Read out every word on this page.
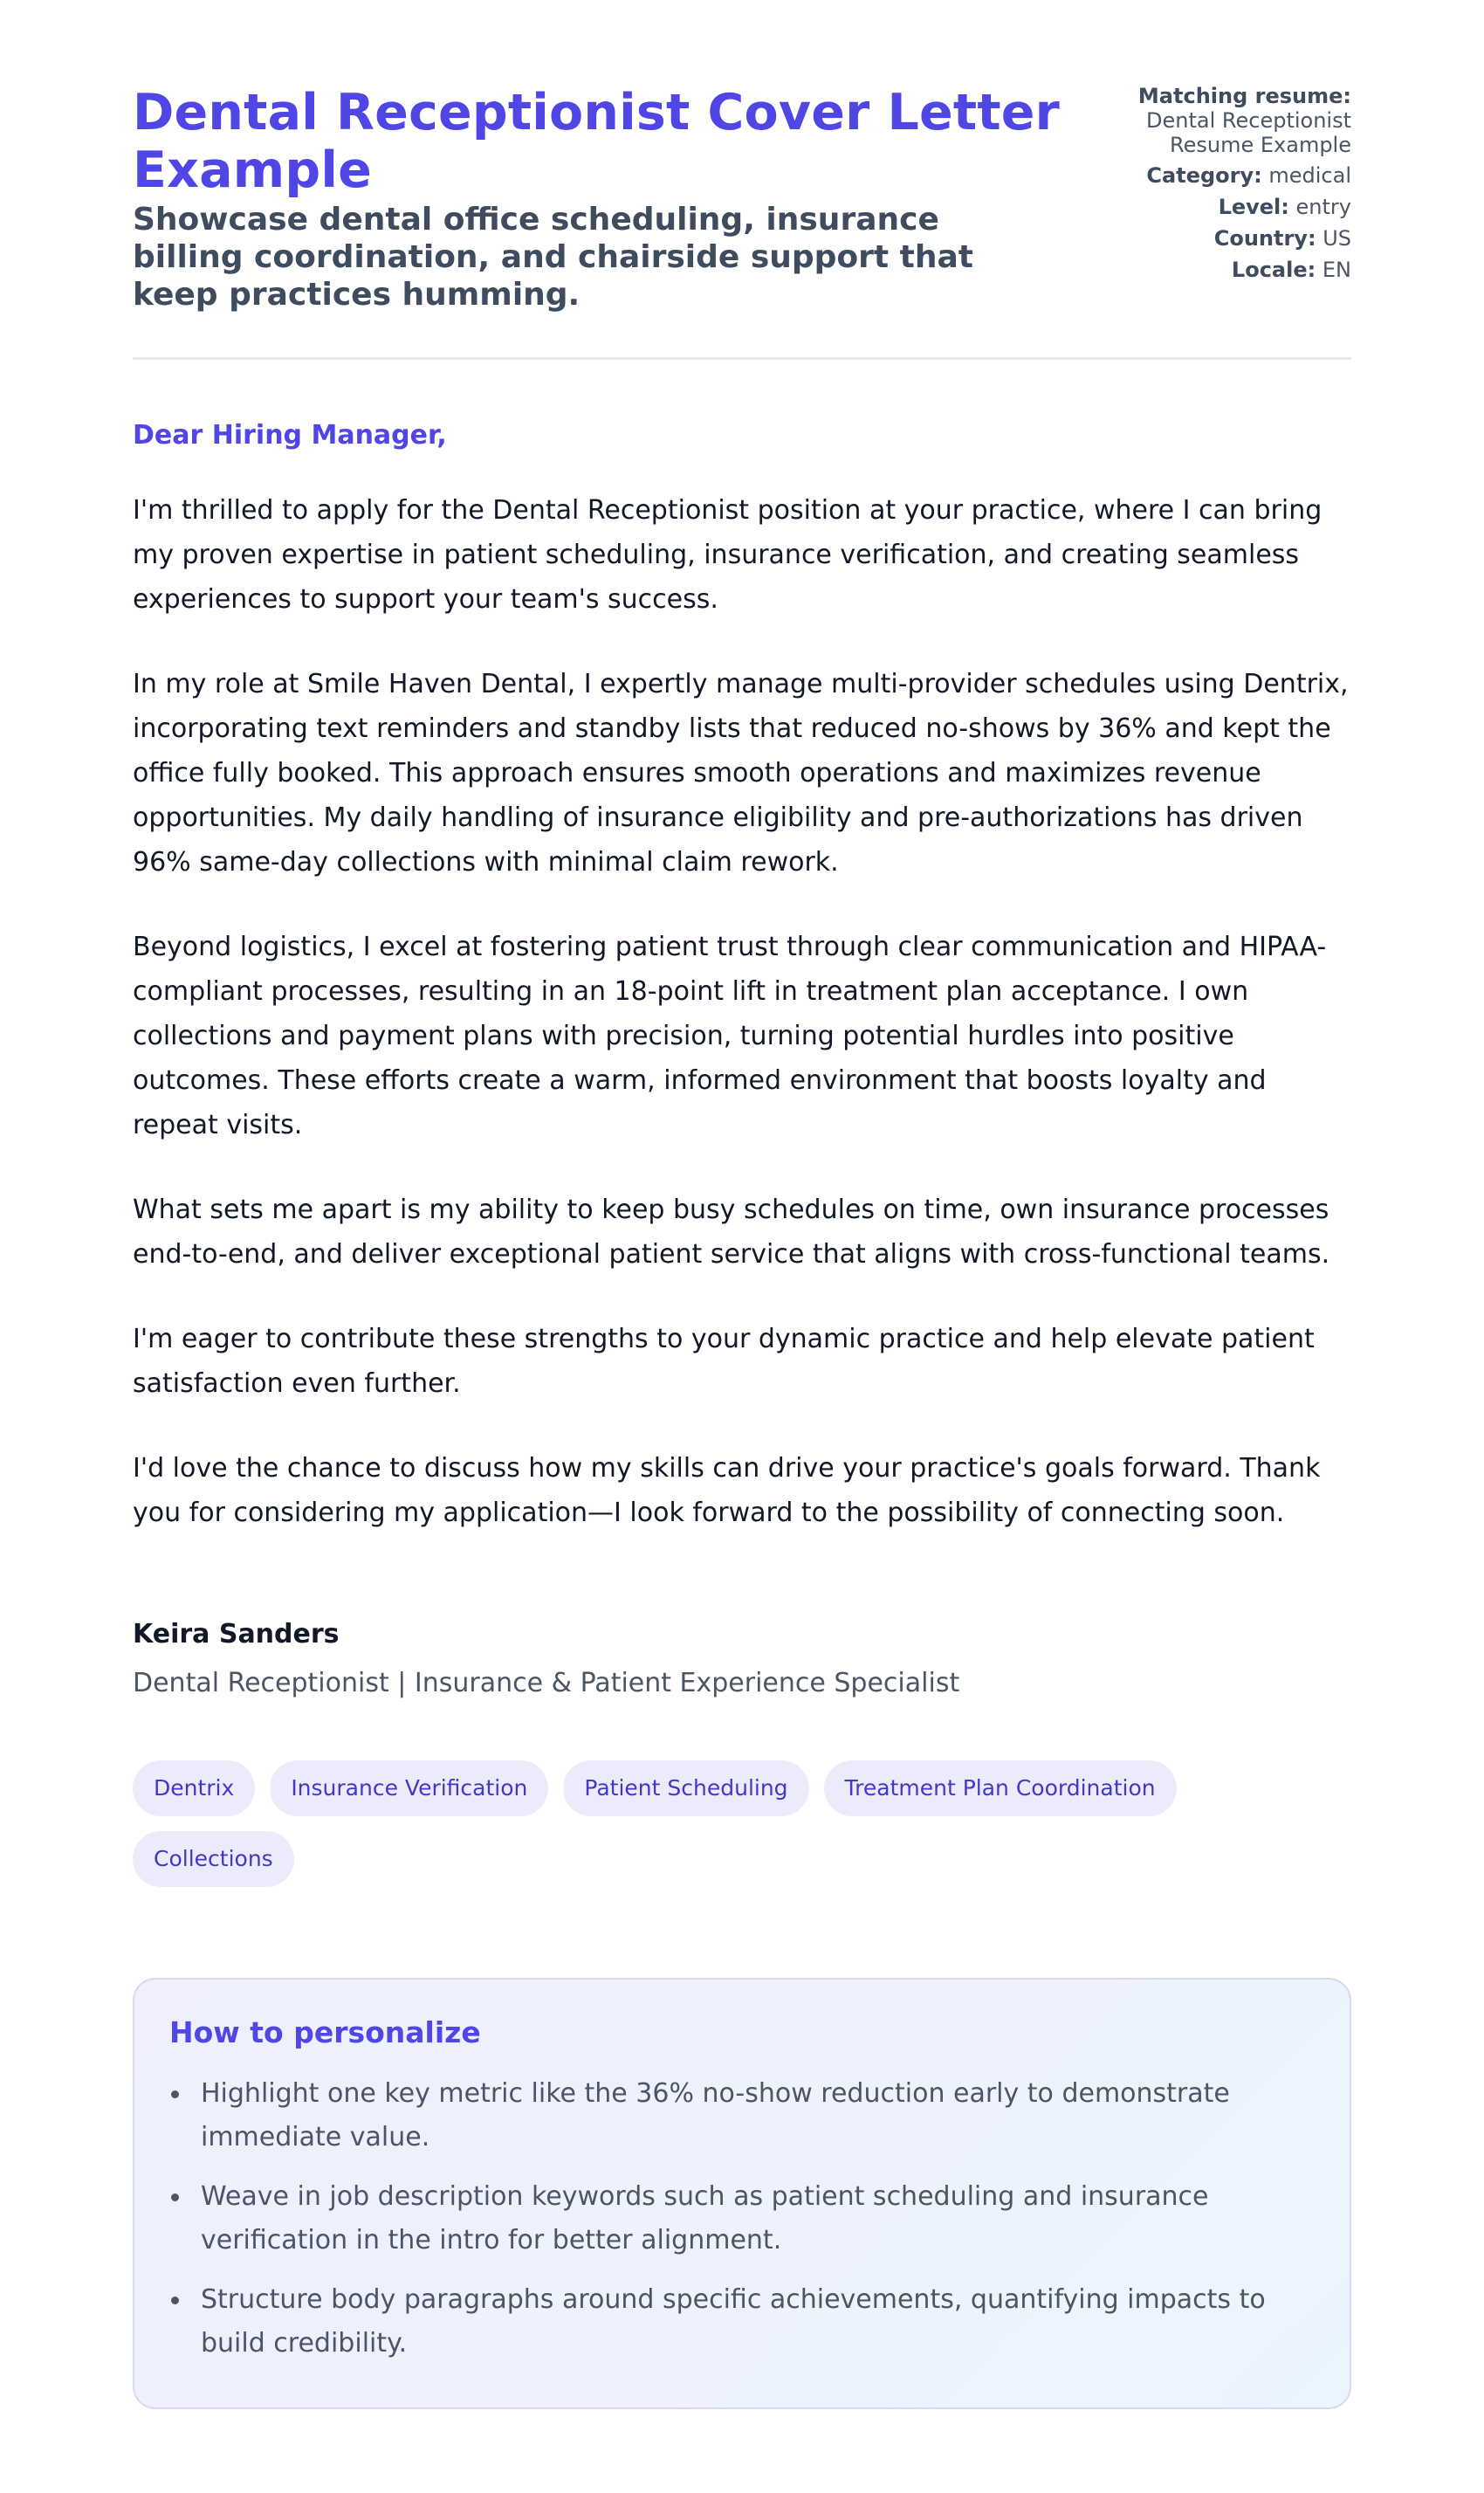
Dental Receptionist Cover Letter Example
Showcase dental office scheduling, insurance billing coordination, and chairside support that keep practices humming.
Matching resume:
Dental Receptionist Resume Example
Category: medical
Level: entry
Country: US
Locale: EN

Dear Hiring Manager,

I'm thrilled to apply for the Dental Receptionist position at your practice, where I can bring my proven expertise in patient scheduling, insurance verification, and creating seamless experiences to support your team's success.

In my role at Smile Haven Dental, I expertly manage multi-provider schedules using Dentrix, incorporating text reminders and standby lists that reduced no-shows by 36% and kept the office fully booked. This approach ensures smooth operations and maximizes revenue opportunities. My daily handling of insurance eligibility and pre-authorizations has driven 96% same-day collections with minimal claim rework.

Beyond logistics, I excel at fostering patient trust through clear communication and HIPAA-compliant processes, resulting in an 18-point lift in treatment plan acceptance. I own collections and payment plans with precision, turning potential hurdles into positive outcomes. These efforts create a warm, informed environment that boosts loyalty and repeat visits.

What sets me apart is my ability to keep busy schedules on time, own insurance processes end-to-end, and deliver exceptional patient service that aligns with cross-functional teams.

I'm eager to contribute these strengths to your dynamic practice and help elevate patient satisfaction even further.

I'd love the chance to discuss how my skills can drive your practice's goals forward. Thank you for considering my application—I look forward to the possibility of connecting soon.

Keira Sanders

Dental Receptionist | Insurance & Patient Experience Specialist

Dentrix	Insurance Verification	Patient Scheduling	Treatment Plan Coordination
Collections
How to personalize
Highlight one key metric like the 36% no-show reduction early to demonstrate immediate value.
Weave in job description keywords such as patient scheduling and insurance verification in the intro for better alignment.
Structure body paragraphs around specific achievements, quantifying impacts to build credibility.
